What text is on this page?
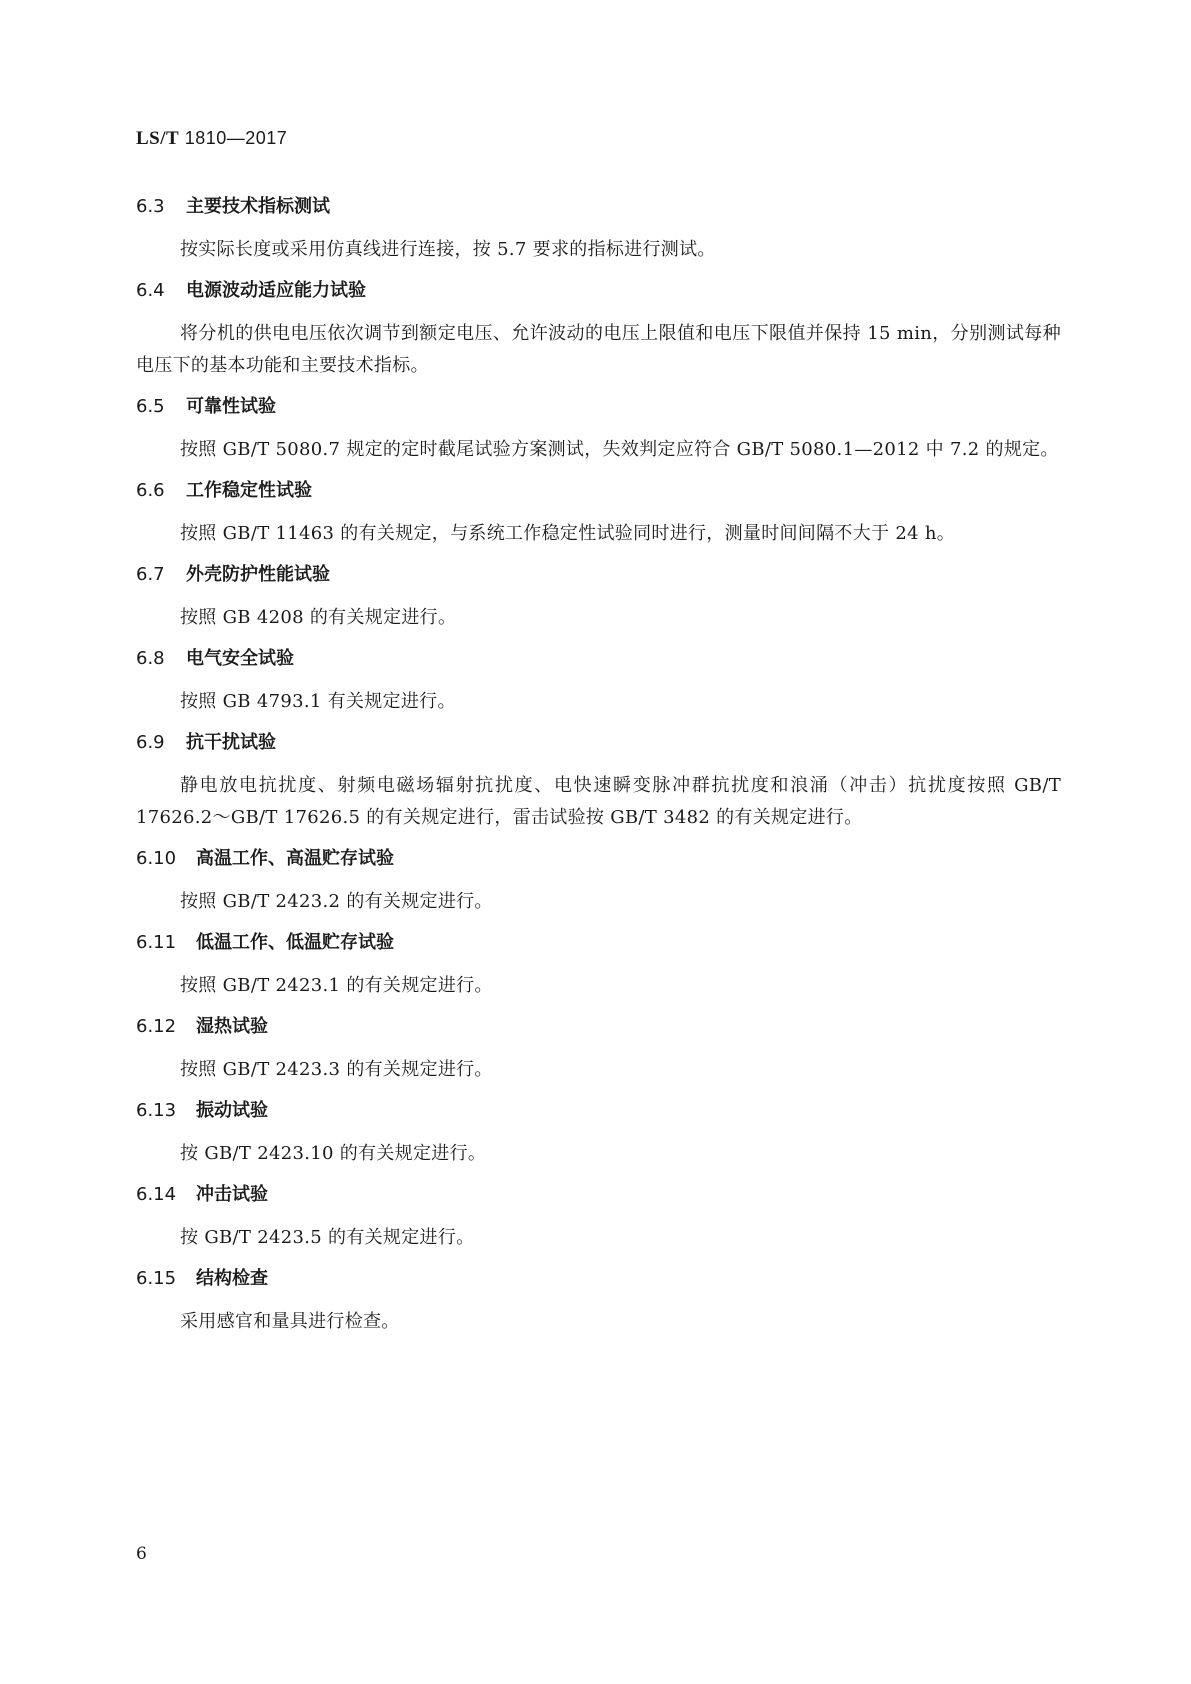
LS/T 1810—2017
6.3	主要技术指标测试

按实际长度或采用仿真线进行连接，按 5.7 要求的指标进行测试。

6.4	电源波动适应能力试验

将分机的供电电压依次调节到额定电压、允许波动的电压上限值和电压下限值并保持 15 min，分别测试每种电压下的基本功能和主要技术指标。

6.5	可靠性试验

按照 GB/T 5080.7 规定的定时截尾试验方案测试，失效判定应符合 GB/T 5080.1—2012 中 7.2 的规定。

6.6	工作稳定性试验

按照 GB/T 11463 的有关规定，与系统工作稳定性试验同时进行，测量时间间隔不大于 24 h。

6.7	外壳防护性能试验

按照 GB 4208 的有关规定进行。

6.8	电气安全试验

按照 GB 4793.1 有关规定进行。

6.9	抗干扰试验

静电放电抗扰度、射频电磁场辐射抗扰度、电快速瞬变脉冲群抗扰度和浪涌（冲击）抗扰度按照 GB/T 17626.2～GB/T 17626.5 的有关规定进行，雷击试验按 GB/T 3482 的有关规定进行。

6.10	高温工作、高温贮存试验

按照 GB/T 2423.2 的有关规定进行。

6.11	低温工作、低温贮存试验

按照 GB/T 2423.1 的有关规定进行。

6.12	湿热试验

按照 GB/T 2423.3 的有关规定进行。

6.13	振动试验

按 GB/T 2423.10 的有关规定进行。

6.14	冲击试验

按 GB/T 2423.5 的有关规定进行。

6.15	结构检查

采用感官和量具进行检查。

6
